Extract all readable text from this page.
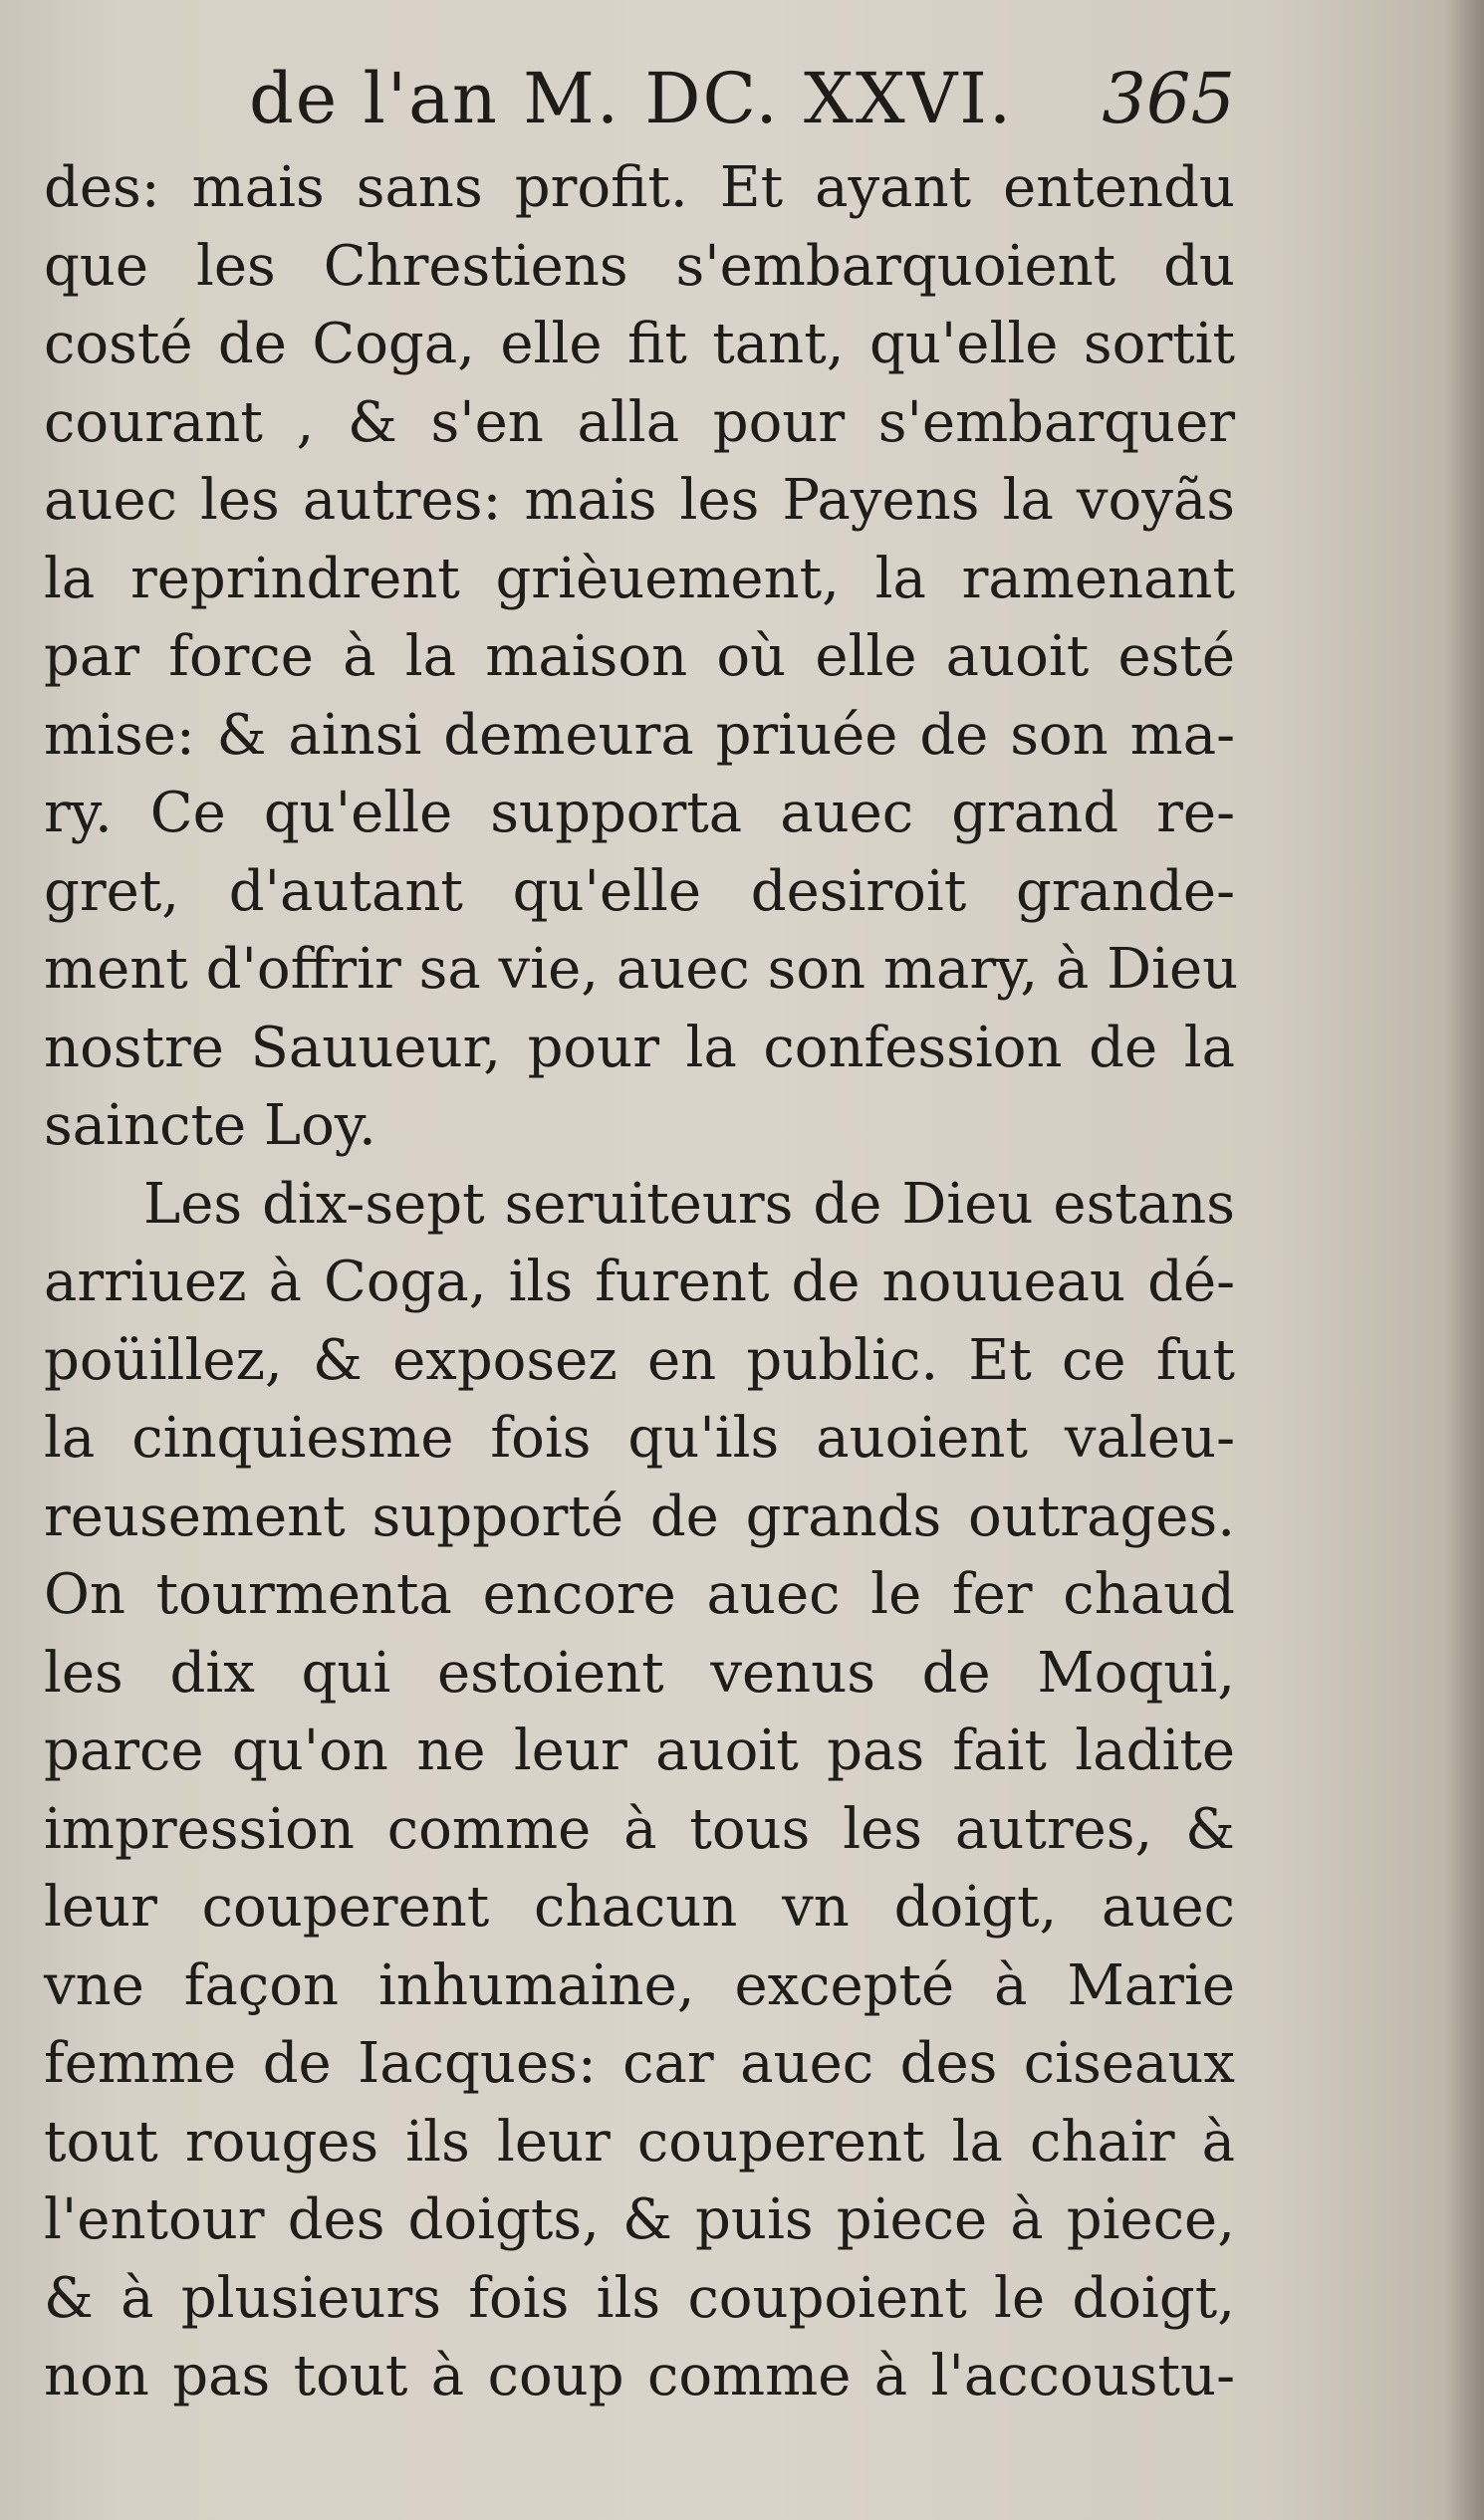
de l'an M. DC. XXVI. 365
des: mais sans profit. Et ayant entendu
que les Chrestiens s'embarquoient du
costé de Coga, elle fit tant, qu'elle sortit
courant , & s'en alla pour s'embarquer
auec les autres: mais les Payens la voyãs
la reprindrent grièuement, la ramenant
par force à la maison où elle auoit esté
mise: & ainsi demeura priuée de son ma-
ry. Ce qu'elle supporta auec grand re-
gret, d'autant qu'elle desiroit grande-
ment d'offrir sa vie, auec son mary, à Dieu
nostre Sauueur, pour la confession de la
saincte Loy.
Les dix-sept seruiteurs de Dieu estans
arriuez à Coga, ils furent de nouueau dé-
poüillez, & exposez en public. Et ce fut
la cinquiesme fois qu'ils auoient valeu-
reusement supporté de grands outrages.
On tourmenta encore auec le fer chaud
les dix qui estoient venus de Moqui,
parce qu'on ne leur auoit pas fait ladite
impression comme à tous les autres, &
leur couperent chacun vn doigt, auec
vne façon inhumaine, excepté à Marie
femme de Iacques: car auec des ciseaux
tout rouges ils leur couperent la chair à
l'entour des doigts, & puis piece à piece,
& à plusieurs fois ils coupoient le doigt,
non pas tout à coup comme à l'accoustu-
